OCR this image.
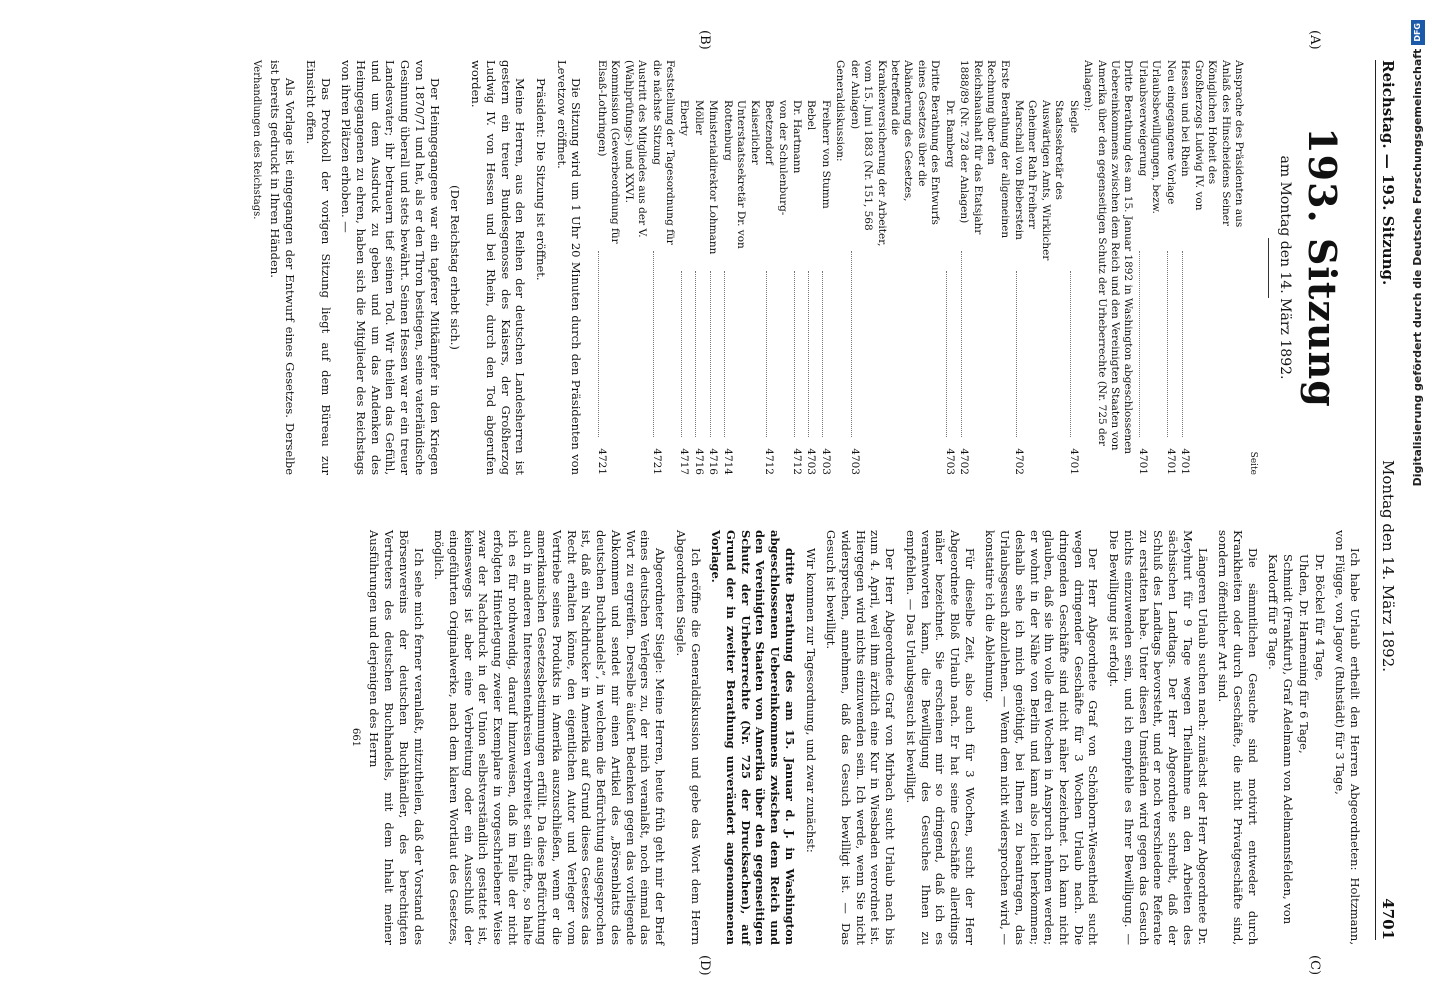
Reichstag. — 193. Sitzung.
Montag den 14. März 1892.
4701
(A)
(B)
(C)
(D)
193. Sitzung
am Montag den 14. März 1892.
Seite
Ansprache des Präsidenten aus Anlaß des Hinscheidens Seiner Königlichen Hoheit des Großherzogs Ludwig IV. von Hessen und bei Rhein
4701
Neu eingegangene Vorlage
4701
Urlaubsbewilligungen, bezw. Urlaubsverweigerung
4701
Dritte Berathung des am 15. Januar 1892 in Washington abgeschlossenen Uebereinkommens zwischen dem Reich und den Vereinigten Staaten von Amerika über den gegenseitigen Schutz der Urheberrechte (Nr. 725 der Anlagen):
Siegle
4701
Staatssekretär des Auswärtigen Amts, Wirklicher Geheimer Rath Freiherr Marschall von Bieberstein
4702
Erste Berathung der allgemeinen Rechnung über den Reichshaushalt für das Etatsjahr 1888/89 (Nr. 728 der Anlagen)
4702
Dr. Bamberg
4703
Dritte Berathung des Entwurfs eines Gesetzes über die Abänderung des Gesetzes, betreffend die Krankenversicherung der Arbeiter, vom 15. Juni 1883 (Nr. 151, 568 der Anlagen)
4703
Generaldiskussion:
Freiherr von Stumm
4703
Bebel
4703
Dr. Hartmann
4712
von der Schulenburg-Beetzendorf
4712
Kaiserlicher Unterstaatssekretär Dr. von Rottenburg
4714
Ministerialdirektor Lohmann
4716
Möller
4716
Eberty
4717
Feststellung der Tagesordnung für die nächste Sitzung
4721
Austritt des Mitgliedes aus der V. (Wahlprüfungs-) und XXVI. Kommission (Gewerbeordnung für Elsaß-Lothringen)
4721

Die Sitzung wird um 1 Uhr 20 Minuten durch den Präsidenten von Levetzow eröffnet.

Präsident: Die Sitzung ist eröffnet.

Meine Herren, aus den Reihen der deutschen Landesherren ist gestern ein treuer Bundesgenosse des Kaisers, der Großherzog Ludwig IV. von Hessen und bei Rhein, durch den Tod abgerufen worden.

(Der Reichstag erhebt sich.)

Der Heimgegangene war ein tapferer Mitkämpfer in den Kriegen von 1870/71 und hat, als er den Thron bestiegen, seine vaterländische Gesinnung überall und stets bewährt. Seinen Hessen war er ein treuer Landesvater; ihr betrauern tief seinen Tod. Wir theilen das Gefühl, und um dem Ausdruck zu geben und um das Andenken des Heimgegangenen zu ehren, haben sich die Mitglieder des Reichstags von ihren Plätzen erhoben. —

Das Protokoll der vorigen Sitzung liegt auf dem Büreau zur Einsicht offen.

Als Vorlage ist eingegangen der Entwurf eines Gesetzes. Derselbe ist bereits gedruckt in Ihren Händen.

Verhandlungen des Reichstags.

Ich habe Urlaub ertheilt den Herren Abgeordneten: Holtzmann, von Flügge, von Jagow (Ruhstädt) für 3 Tage,

Dr. Böckel für 4 Tage,
Uhden, Dr. Harmening für 6 Tage,
Schmidt (Frankfurt), Graf Adelmann von Adelmannsfelden, von Kardorff für 8 Tage.

Die sämmtlichen Gesuche sind motivirt entweder durch Krankheiten oder durch Geschäfte, die nicht Privatgeschäfte sind, sondern öffentlicher Art sind.

Längeren Urlaub suchen nach: zunächst der Herr Abgeordnete Dr. Meyhurt für 9 Tage wegen Theilnahme an den Arbeiten des sächsischen Landtags. Der Herr Abgeordnete schreibt, daß der Schluß des Landtags bevorsteht, und er noch verschiedene Referate zu erstatten habe. Unter diesen Umständen wird gegen das Gesuch nichts einzuwenden sein, und ich empfehle es Ihrer Bewilligung. — Die Bewilligung ist erfolgt.

Der Herr Abgeordnete Graf von Schönborn-Wiesentheid sucht wegen dringender Geschäfte für 3 Wochen Urlaub nach. Die dringenden Geschäfte sind nicht näher bezeichnet. Ich kann nicht glauben, daß sie ihn volle drei Wochen in Anspruch nehmen werden; er wohnt in der Nähe von Berlin und kann also leicht herkommen; deshalb sehe ich mich genöthigt, bei Ihnen zu beantragen, das Urlaubsgesuch abzulehnen. — Wenn dem nicht widersprochen wird, — konstatire ich die Ablehnung.

Für dieselbe Zeit, also auch für 3 Wochen, sucht der Herr Abgeordnete Bloß Urlaub nach. Er hat seine Geschäfte allerdings näher bezeichnet. Sie erscheinen mir so dringend, daß ich es verantworten kann, die Bewilligung des Gesuches Ihnen zu empfehlen. — Das Urlaubsgesuch ist bewilligt.

Der Herr Abgeordnete Graf von Mirbach sucht Urlaub nach bis zum 4. April, weil ihm ärztlich eine Kur in Wiesbaden verordnet ist. Hiergegen wird nichts einzuwenden sein. Ich werde, wenn Sie nicht widersprechen, annehmen, daß das Gesuch bewilligt ist. — Das Gesuch ist bewilligt.

Wir kommen zur Tagesordnung, und zwar zunächst:

dritte Berathung des am 15. Januar d. J. in Washington abgeschlossenen Uebereinkommens zwischen dem Reich und den Vereinigten Staaten von Amerika über den gegenseitigen Schutz der Urheberrechte (Nr. 725 der Drucksachen), auf Grund der in zweiter Berathung unverändert angenommenen Vorlage.

Ich eröffne die Generaldiskussion und gebe das Wort dem Herrn Abgeordneten Siegle.

Abgeordneter Siegle: Meine Herren, heute früh geht mir der Brief eines deutschen Verlegers zu, der mich veranlaßt, noch einmal das Wort zu ergreifen. Derselbe äußert Bedenken gegen das vorliegende Abkommen und sendet mir einen Artikel des „Börsenblatts des deutschen Buchhandels“, in welchem die Befürchtung ausgesprochen ist, daß ein Nachdrucker in Amerika auf Grund dieses Gesetzes das Recht erhalten könne, den eigentlichen Autor und Verleger vom Vertriebe seines Produkts in Amerika auszuschließen, wenn er die amerikanischen Gesetzesbestimmungen erfüllt. Da diese Befürchtung auch in anderen Interessentenkreisen verbreitet sein dürfte, so halte ich es für nothwendig, darauf hinzuweisen, daß im Falle der nicht erfolgten Hinterlegung zweier Exemplare in vorgeschriebener Weise zwar der Nachdruck in der Union selbstverständlich gestattet ist, keineswegs ist aber eine Verbreitung oder ein Ausschluß der eingeführten Originalwerke, nach dem klaren Wortlaut des Gesetzes, möglich.

Ich sehe mich ferner veranlaßt, mitzutheilen, daß der Vorstand des Börsenvereins der deutschen Buchhändler, des berechtigten Vertreters des deutschen Buchhandels, mit dem Inhalt meiner Ausführungen und derjenigen des Herrn

661

Digitalisierung gefördert durch die Deutsche ForschungsgemeinschaftDFG
